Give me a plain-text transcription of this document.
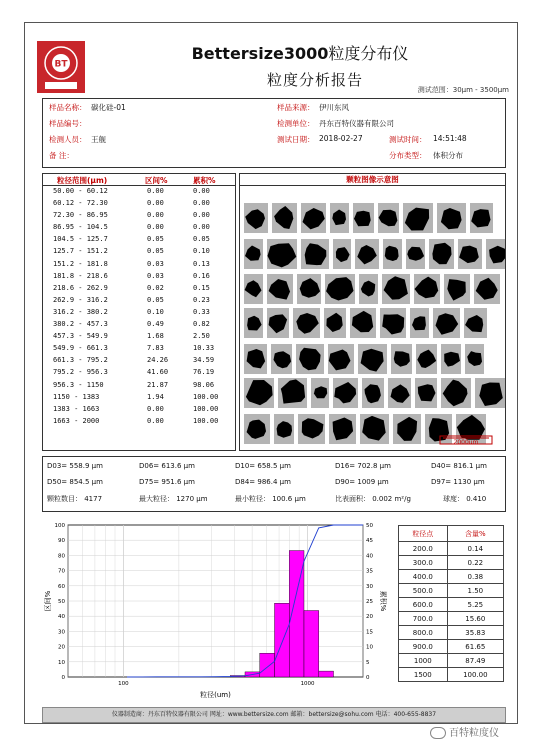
BT
Bettersize3000粒度分布仪
粒度分析报告
测试范围：30μm - 3500μm
样品名称： 碳化硅-01	样品来源： 伊川东风
样品编号：	检测单位： 丹东百特仪器有限公司
检测人员： 王舰	测试日期： 2018-02-27	测试时间： 14:51:48
备 注：	分布类型： 体积分布
粒径范围(μm)	区间%	累积%
50.00 - 60.12	0.00	0.00
60.12 - 72.30	0.00	0.00
72.30 - 86.95	0.00	0.00
86.95 - 104.5	0.00	0.00
104.5 - 125.7	0.05	0.05
125.7 - 151.2	0.05	0.10
151.2 - 181.8	0.03	0.13
181.8 - 218.6	0.03	0.16
218.6 - 262.9	0.02	0.15
262.9 - 316.2	0.05	0.23
316.2 - 380.2	0.10	0.33
380.2 - 457.3	0.49	0.82
457.3 - 549.9	1.68	2.50
549.9 - 661.3	7.83	10.33
661.3 - 795.2	24.26	34.59
795.2 - 956.3	41.60	76.19
956.3 - 1150	21.87	98.06
1150 - 1383	1.94	100.00
1383 - 1663	0.00	100.00
1663 - 2000	0.00	100.00
颗粒图像示意图
2000um
D03= 558.9 μm	D06= 613.6 μm	D10= 658.5 μm	D16= 702.8 μm	D40= 816.1 μm
D50= 854.5 μm	D75= 951.6 μm	D84= 986.4 μm	D90= 1009 μm	D97= 1130 μm
颗粒数目： 4177	最大粒径： 1270 μm	最小粒径： 100.6 μm	比表面积： 0.002 m²/g	球度： 0.410
0	0
10	5
20	10
30	15
40	20
50	25
60	30
70	35
80	40
90	45
100	50
100	1000
粒径(um)
区间%	累积%
粒径点	含量%
200.0	0.14
300.0	0.22
400.0	0.38
500.0	1.50
600.0	5.25
700.0	15.60
800.0	35.83
900.0	61.65
1000	87.49
1500	100.00
仪器制造商：丹东百特仪器有限公司 网址：www.bettersize.com 邮箱：bettersize@sohu.com 电话：400-655-8837
百特粒度仪
